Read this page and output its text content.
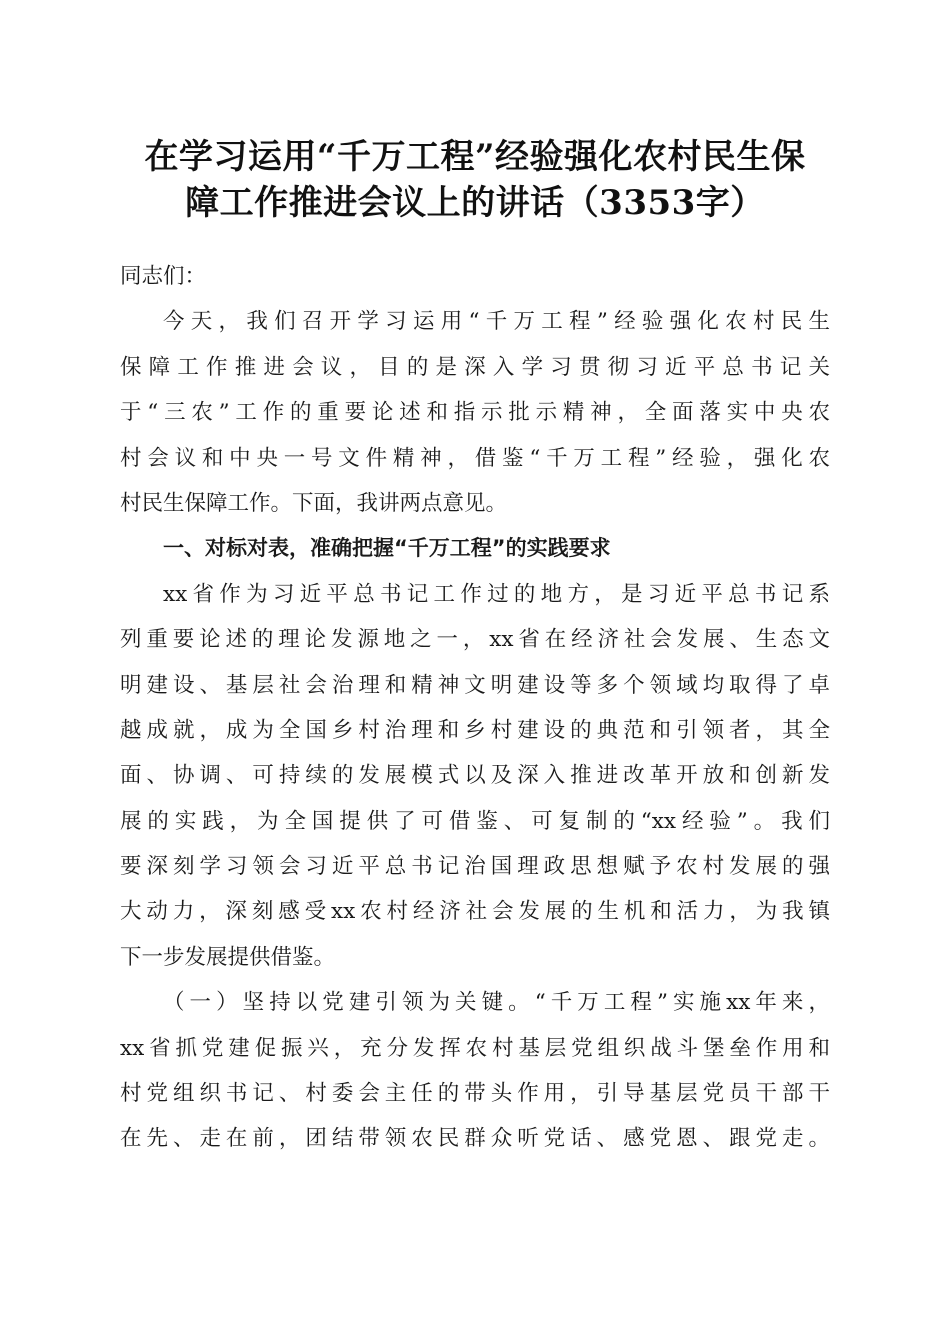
在学习运用“千万工程”经验强化农村民生保
障工作推进会议上的讲话（3353字）
同志们：
今天，我们召开学习运用“千万工程”经验强化农村民生
保障工作推进会议，目的是深入学习贯彻习近平总书记关
于“三农”工作的重要论述和指示批示精神，全面落实中央农
村会议和中央一号文件精神，借鉴“千万工程”经验，强化农
村民生保障工作。下面，我讲两点意见。
一、对标对表，准确把握“千万工程”的实践要求
xx省作为习近平总书记工作过的地方，是习近平总书记系
列重要论述的理论发源地之一，xx省在经济社会发展、生态文
明建设、基层社会治理和精神文明建设等多个领域均取得了卓
越成就，成为全国乡村治理和乡村建设的典范和引领者，其全
面、协调、可持续的发展模式以及深入推进改革开放和创新发
展的实践，为全国提供了可借鉴、可复制的“xx经验”。我们
要深刻学习领会习近平总书记治国理政思想赋予农村发展的强
大动力，深刻感受xx农村经济社会发展的生机和活力，为我镇
下一步发展提供借鉴。
（一）坚持以党建引领为关键。“千万工程”实施xx年来，
xx省抓党建促振兴，充分发挥农村基层党组织战斗堡垒作用和
村党组织书记、村委会主任的带头作用，引导基层党员干部干
在先、走在前，团结带领农民群众听党话、感党恩、跟党走。
